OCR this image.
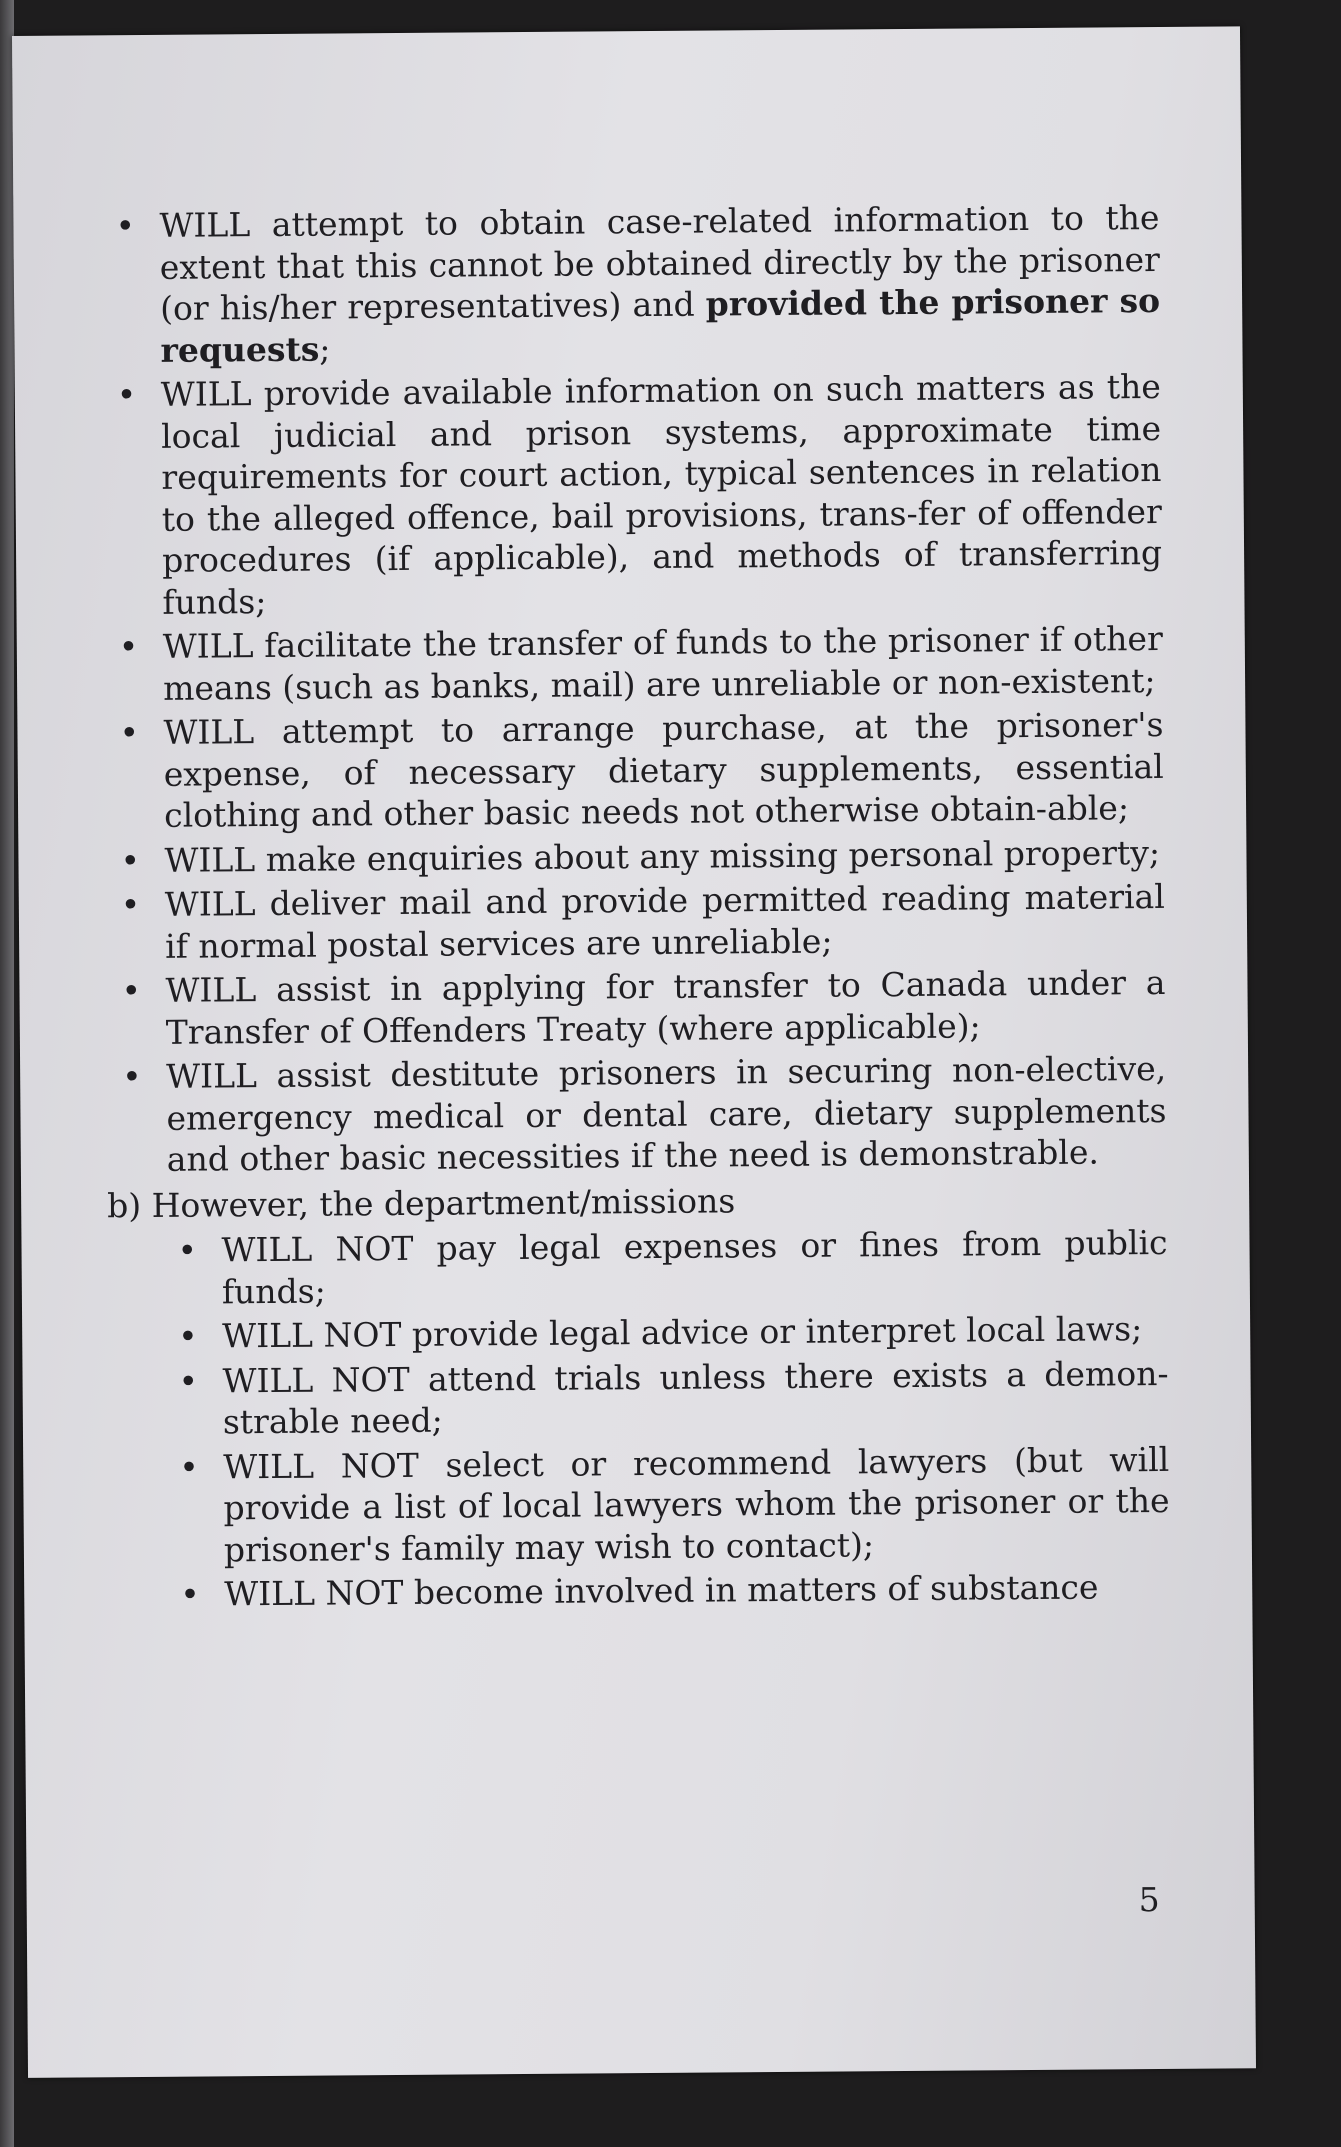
• WILL attempt to obtain case-related information to the extent that this cannot be obtained directly by the prisoner (or his/her representatives) and provided the prisoner so requests;
• WILL provide available information on such matters as the local judicial and prison systems, approximate time requirements for court action, typical sentences in relation to the alleged offence, bail provisions, trans-fer of offender procedures (if applicable), and methods of transferring funds;
• WILL facilitate the transfer of funds to the prisoner if other means (such as banks, mail) are unreliable or non-existent;
• WILL attempt to arrange purchase, at the prisoner's expense, of necessary dietary supplements, essential clothing and other basic needs not otherwise obtain-able;
• WILL make enquiries about any missing personal property;
• WILL deliver mail and provide permitted reading material if normal postal services are unreliable;
• WILL assist in applying for transfer to Canada under a Transfer of Offenders Treaty (where applicable);
• WILL assist destitute prisoners in securing non-elective, emergency medical or dental care, dietary supplements and other basic necessities if the need is demonstrable.
b) However, the department/missions
• WILL NOT pay legal expenses or fines from public funds;
• WILL NOT provide legal advice or interpret local laws;
• WILL NOT attend trials unless there exists a demon-strable need;
• WILL NOT select or recommend lawyers (but will provide a list of local lawyers whom the prisoner or the prisoner's family may wish to contact);
• WILL NOT become involved in matters of substance
5
